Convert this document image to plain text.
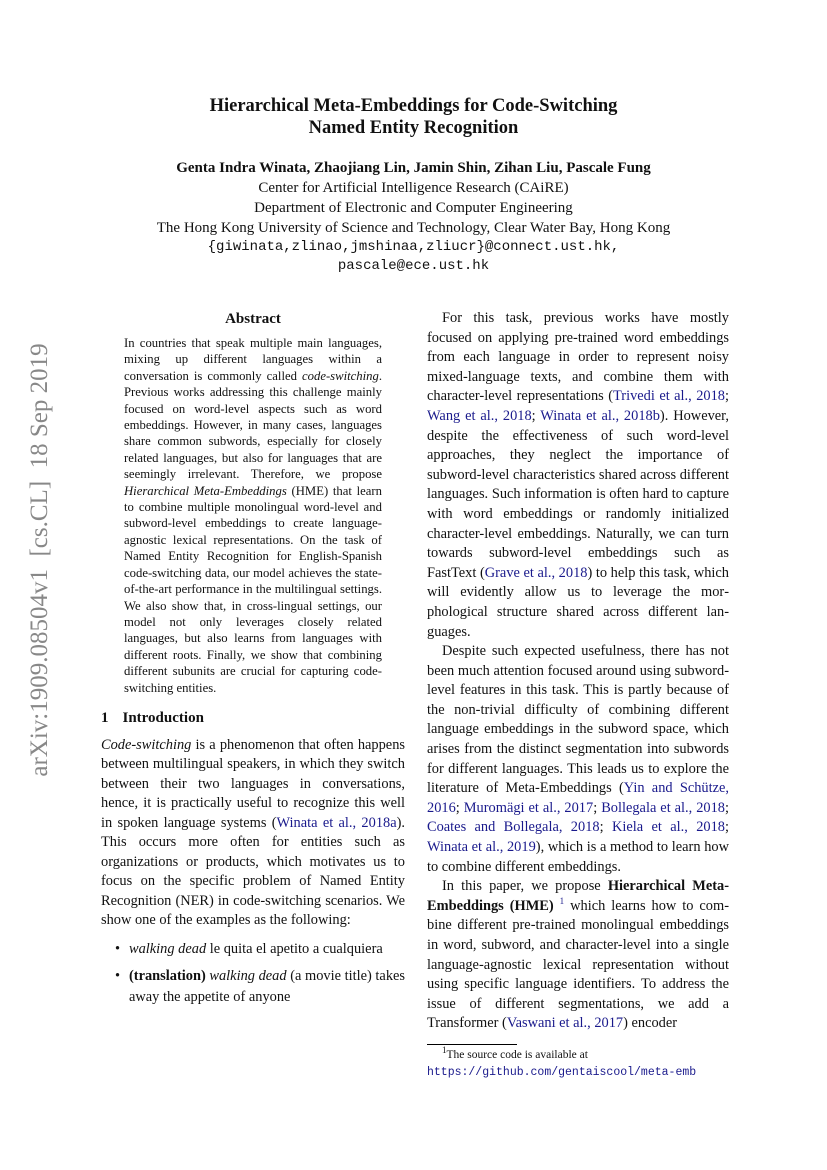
arXiv:1909.08504v1  [cs.CL]  18 Sep 2019
Hierarchical Meta-Embeddings for Code-Switching
Named Entity Recognition
Genta Indra Winata, Zhaojiang Lin, Jamin Shin, Zihan Liu, Pascale Fung
Center for Artificial Intelligence Research (CAiRE)
Department of Electronic and Computer Engineering
The Hong Kong University of Science and Technology, Clear Water Bay, Hong Kong
{giwinata,zlinao,jmshinaa,zliucr}@connect.ust.hk,
pascale@ece.ust.hk
Abstract
In countries that speak multiple main languages, mixing up different languages within a conversation is commonly called code-switching. Previous works addressing this challenge mainly focused on word-level aspects such as word embeddings. However, in many cases, languages share common subwords, especially for closely related languages, but also for languages that are seemingly irrelevant. Therefore, we propose Hierarchical Meta-Embeddings (HME) that learn to combine multiple monolingual word-level and subword-level embeddings to create language-agnostic lexical representations. On the task of Named Entity Recognition for English-Spanish code-switching data, our model achieves the state-of-the-art performance in the multilingual settings. We also show that, in cross-lingual settings, our model not only leverages closely related languages, but also learns from languages with different roots. Finally, we show that combining different subunits are crucial for capturing code-switching entities.
1 Introduction

Code-switching is a phenomenon that often happens between multilingual speakers, in which they switch between their two languages in conversations, hence, it is practically useful to recognize this well in spoken language systems (Winata et al., 2018a). This occurs more often for entities such as organizations or products, which motivates us to focus on the specific problem of Named Entity Recognition (NER) in code-switching scenarios. We show one of the examples as the following:

• walking dead le quita el apetito a cualquiera
• (translation) walking dead (a movie title) takes away the appetite of anyone

For this task, previous works have mostly focused on applying pre-trained word embeddings from each language in order to represent noisy mixed-language texts, and combine them with character-level representations (Trivedi et al., 2018; Wang et al., 2018; Winata et al., 2018b). However, despite the effectiveness of such word-level approaches, they neglect the importance of subword-level characteristics shared across different languages. Such information is often hard to capture with word embeddings or randomly initialized character-level embeddings. Naturally, we can turn towards subword-level embeddings such as FastText (Grave et al., 2018) to help this task, which will evidently allow us to leverage the morphological structure shared across different languages.

Despite such expected usefulness, there has not been much attention focused around using subword-level features in this task. This is partly because of the non-trivial difficulty of combining different language embeddings in the subword space, which arises from the distinct segmentation into subwords for different languages. This leads us to explore the literature of Meta-Embeddings (Yin and Schütze, 2016; Muromägi et al., 2017; Bollegala et al., 2018; Coates and Bollegala, 2018; Kiela et al., 2018; Winata et al., 2019), which is a method to learn how to combine different embeddings.

In this paper, we propose Hierarchical Meta-Embeddings (HME) $^1$ which learns how to combine different pre-trained monolingual embeddings in word, subword, and character-level into a single language-agnostic lexical representation without using specific language identifiers. To address the issue of different segmentations, we add a Transformer (Vaswani et al., 2017) encoder

$^1$The source code is available at https://github.com/gentaiscool/meta-emb
